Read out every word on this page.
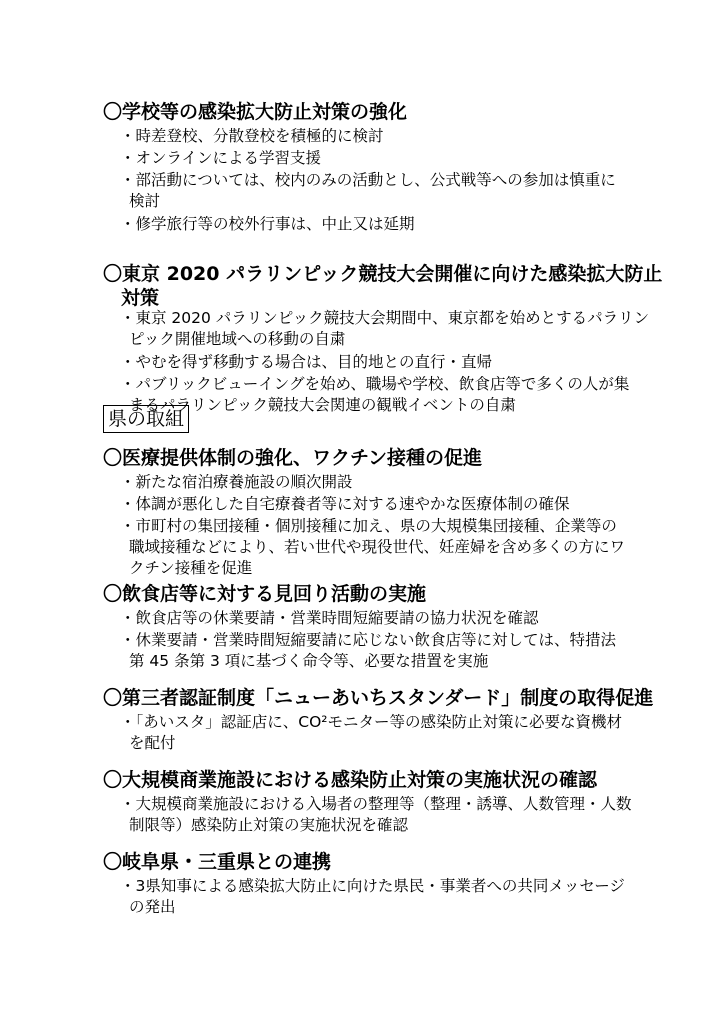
〇学校等の感染拡大防止対策の強化
・時差登校、分散登校を積極的に検討
・オンラインによる学習支援
・部活動については、校内のみの活動とし、公式戦等への参加は慎重に
検討
・修学旅行等の校外行事は、中止又は延期
〇東京 2020 パラリンピック競技大会開催に向けた感染拡大防止
対策
・東京 2020 パラリンピック競技大会期間中、東京都を始めとするパラリン
ピック開催地域への移動の自粛
・やむを得ず移動する場合は、目的地との直行・直帰
・パブリックビューイングを始め、職場や学校、飲食店等で多くの人が集
まるパラリンピック競技大会関連の観戦イベントの自粛
県の取組
〇医療提供体制の強化、ワクチン接種の促進
・新たな宿泊療養施設の順次開設
・体調が悪化した自宅療養者等に対する速やかな医療体制の確保
・市町村の集団接種・個別接種に加え、県の大規模集団接種、企業等の
職域接種などにより、若い世代や現役世代、妊産婦を含め多くの方にワ
クチン接種を促進
〇飲食店等に対する見回り活動の実施
・飲食店等の休業要請・営業時間短縮要請の協力状況を確認
・休業要請・営業時間短縮要請に応じない飲食店等に対しては、特措法
第 45 条第 3 項に基づく命令等、必要な措置を実施
〇第三者認証制度「ニューあいちスタンダード」制度の取得促進
・「あいスタ」認証店に、CO²モニター等の感染防止対策に必要な資機材
を配付
〇大規模商業施設における感染防止対策の実施状況の確認
・大規模商業施設における入場者の整理等（整理・誘導、人数管理・人数
制限等）感染防止対策の実施状況を確認
〇岐阜県・三重県との連携
・3県知事による感染拡大防止に向けた県民・事業者への共同メッセージ
の発出
